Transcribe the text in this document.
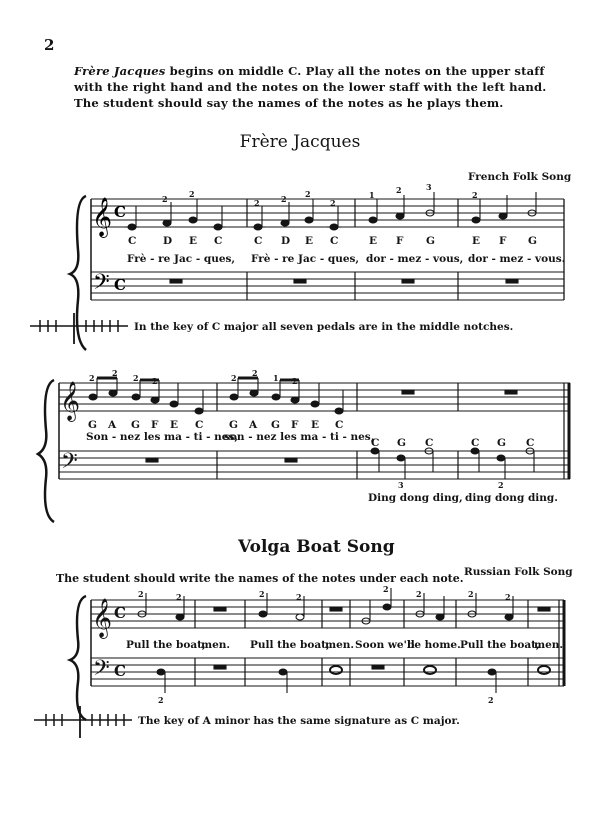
2
Frère Jacques begins on middle C. Play all the notes on the upper staff with the right hand and the notes on the lower staff with the left hand. The student should say the names of the notes as he plays them.
Frère Jacques
French Folk Song
Volga Boat Song
The student should write the names of the notes under each note. Russian Folk Song
𝄞
𝄢
C
C
2	2
2	2 2
2
1	2	3
2
C	D E C	C D E C	E F G	E F G
Frè - re Jac - ques, Frè - re Jac - ques, dor - mez - vous, dor - mez - vous.
In the key of C major all seven pedals are in the middle notches.
𝄞
𝄢
2 2 2 2	2 2 1 2
3	2
G A G F E C G A G F E C
C G C	C G C
Son - nez les ma - ti - nes,
son - nez les ma - ti - nes,
Ding dong ding, ding dong ding.
𝄞
𝄢
C
C
2	2	2	2
2	2	2	2
2	2
Pull the boat,
men. Pull the boat,
men. Soon we'll
be home. Pull the boat,
men.
The key of A minor has the same signature as C major.
